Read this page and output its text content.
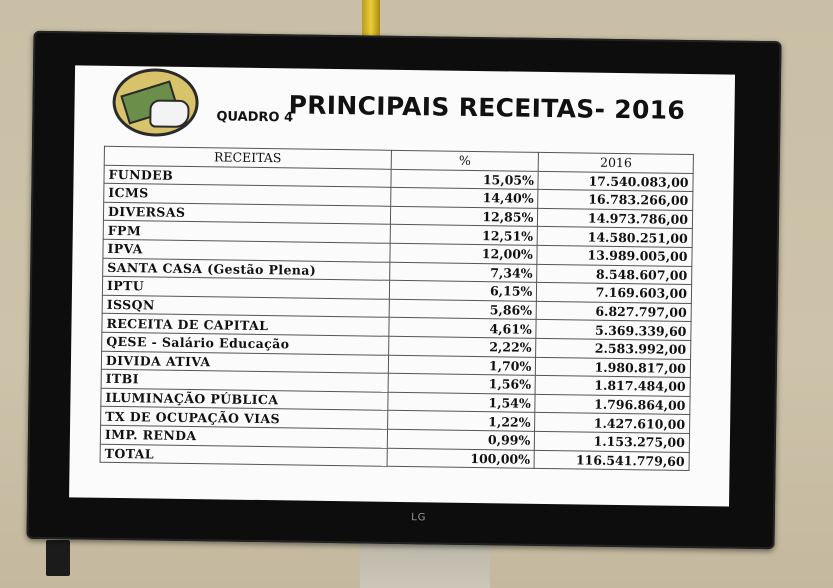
QUADRO 4
PRINCIPAIS RECEITAS- 2016
RECEITAS	%	2016
FUNDEB	15,05%	17.540.083,00
ICMS	14,40%	16.783.266,00
DIVERSAS	12,85%	14.973.786,00
FPM	12,51%	14.580.251,00
IPVA	12,00%	13.989.005,00
SANTA CASA (Gestão Plena)	7,34%	8.548.607,00
IPTU	6,15%	7.169.603,00
ISSQN	5,86%	6.827.797,00
RECEITA DE CAPITAL	4,61%	5.369.339,60
QESE - Salário Educação	2,22%	2.583.992,00
DIVIDA ATIVA	1,70%	1.980.817,00
ITBI	1,56%	1.817.484,00
ILUMINAÇÃO PÚBLICA	1,54%	1.796.864,00
TX DE OCUPAÇÃO VIAS	1,22%	1.427.610,00
IMP. RENDA	0,99%	1.153.275,00
TOTAL	100,00%	116.541.779,60
LG
